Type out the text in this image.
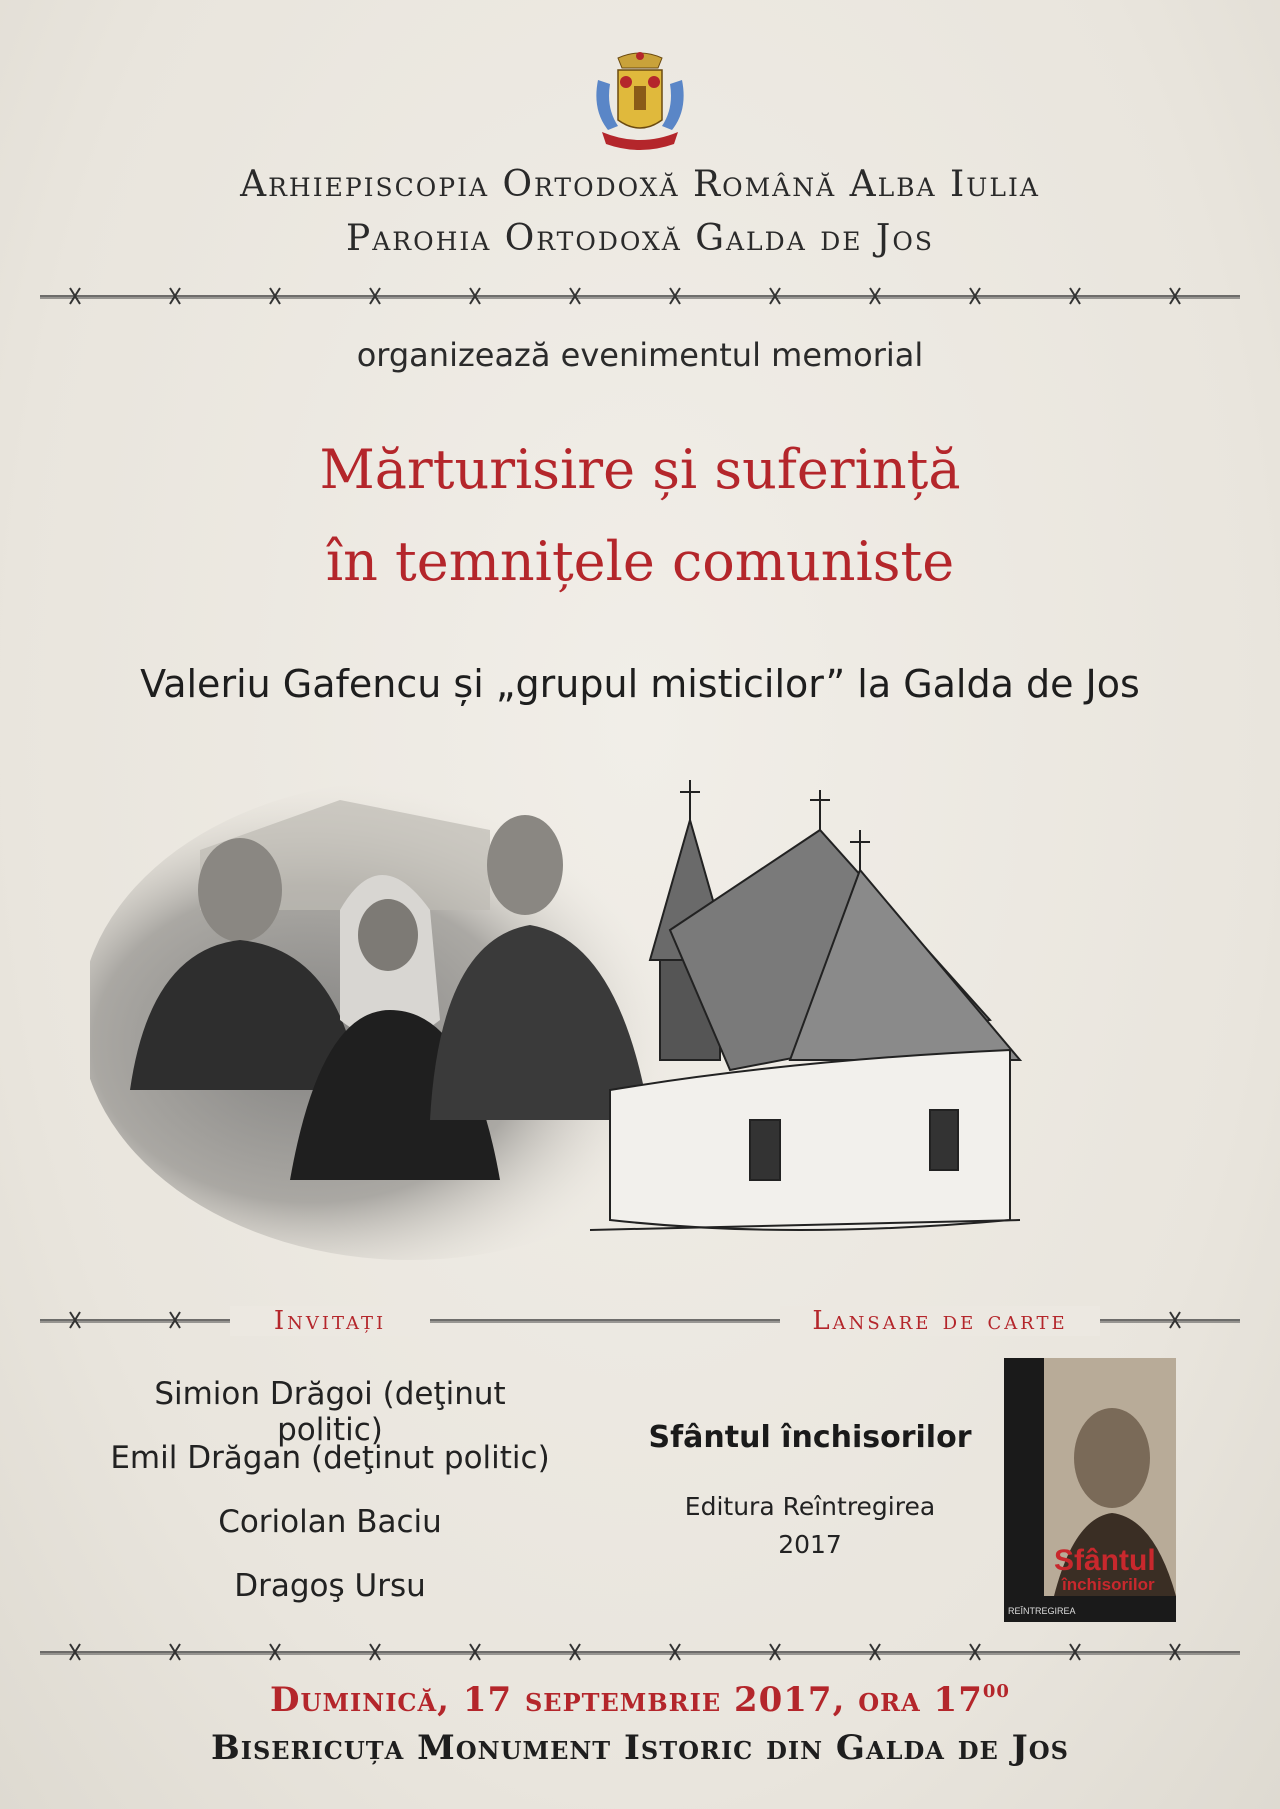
Arhiepiscopia Ortodoxă Română Alba Iulia
Parohia Ortodoxă Galda de Jos
organizează evenimentul memorial
Mărturisire și suferință
în temnițele comuniste
Valeriu Gafencu și „grupul misticilor” la Galda de Jos
Invitați	Lansare de carte
Simion Drăgoi (deţinut politic)
Emil Drăgan (deţinut politic)
Coriolan Baciu
Dragoş Ursu
Sfântul închisorilor
Editura Reîntregirea
2017	Sfântul
închisorilor
REÎNTREGIREA
Duminică, 17 septembrie 2017, ora $17^{00}$
Bisericuța Monument Istoric din Galda de Jos
